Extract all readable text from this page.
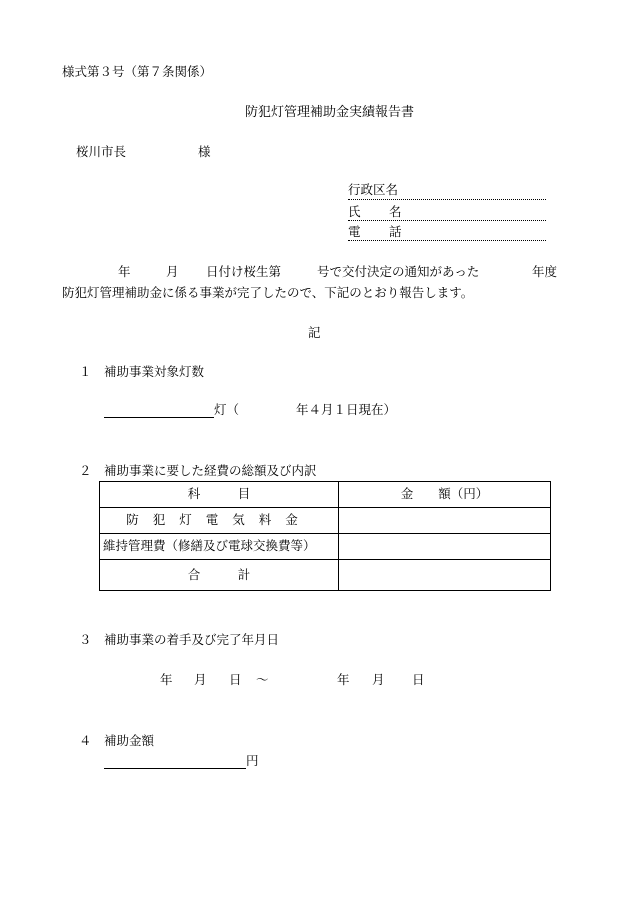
様式第３号（第７条関係）
防犯灯管理補助金実績報告書
桜川市長	様
行政区名
氏 名
電 話
年	月 日付け桜生第	号で交付決定の通知があった	年度
防犯灯管理補助金に係る事業が完了したので、下記のとおり報告します。
記
１ 補助事業対象灯数
灯（	年４月１日現在）
２ 補助事業に要した経費の総額及び内訳
科　　　目	金　　額（円）
防犯灯電気料金	
維持管理費（修繕及び電球交換費等）	
合　　　計	
３ 補助事業の着手及び完了年月日
年 月 日 ～	年 月 日
４ 補助金額
円
